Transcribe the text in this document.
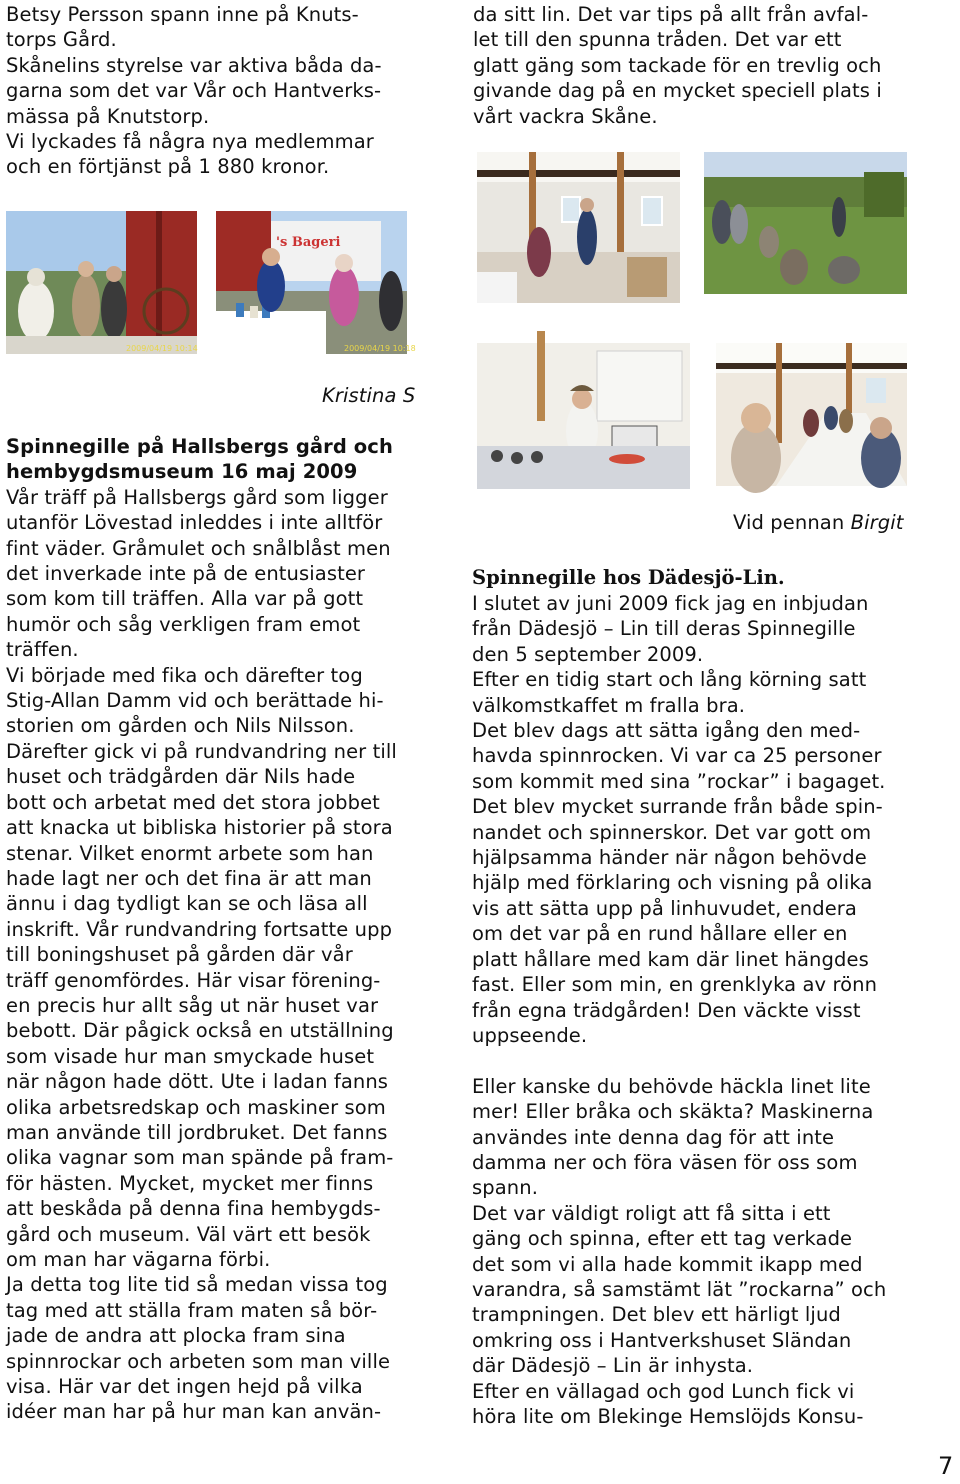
Betsy Persson spann inne på Knuts-

torps Gård.

Skånelins styrelse var aktiva båda da-

garna som det var Vår och Hantverks-

mässa på Knutstorp.

Vi lyckades få några nya medlemmar

och en förtjänst på 1 880 kronor.

da sitt lin. Det var tips på allt från avfal-

let till den spunna tråden. Det var ett

glatt gäng som tackade för en trevlig och

givande dag på en mycket speciell plats i

vårt vackra Skåne.

2009/04/19 10:14
's Bageri
2009/04/19 10:18
Kristina S
Vid pennan Birgit

Spinnegille på Hallsbergs gård och

hembygdsmuseum 16 maj 2009

Vår träff på Hallsbergs gård som ligger

utanför Lövestad inleddes i inte alltför

fint väder. Gråmulet och snålblåst men

det inverkade inte på de entusiaster

som kom till träffen. Alla var på gott

humör och såg verkligen fram emot

träffen.

Vi började med fika och därefter tog

Stig-Allan Damm vid och berättade hi-

storien om gården och Nils Nilsson.

Därefter gick vi på rundvandring ner till

huset och trädgården där Nils hade

bott och arbetat med det stora jobbet

att knacka ut bibliska historier på stora

stenar. Vilket enormt arbete som han

hade lagt ner och det fina är att man

ännu i dag tydligt kan se och läsa all

inskrift. Vår rundvandring fortsatte upp

till boningshuset på gården där vår

träff genomfördes. Här visar förening-

en precis hur allt såg ut när huset var

bebott. Där pågick också en utställning

som visade hur man smyckade huset

när någon hade dött. Ute i ladan fanns

olika arbetsredskap och maskiner som

man använde till jordbruket. Det fanns

olika vagnar som man spände på fram-

för hästen. Mycket, mycket mer finns

att beskåda på denna fina hembygds-

gård och museum. Väl värt ett besök

om man har vägarna förbi.

Ja detta tog lite tid så medan vissa tog

tag med att ställa fram maten så bör-

jade de andra att plocka fram sina

spinnrockar och arbeten som man ville

visa. Här var det ingen hejd på vilka

idéer man har på hur man kan använ-

Spinnegille hos Dädesjö-Lin.

I slutet av juni 2009 fick jag en inbjudan

från Dädesjö – Lin till deras Spinnegille

den 5 september 2009.

Efter en tidig start och lång körning satt

välkomstkaffet m fralla bra.

Det blev dags att sätta igång den med-

havda spinnrocken. Vi var ca 25 personer

som kommit med sina ”rockar” i bagaget.

Det blev mycket surrande från både spin-

nandet och spinnerskor. Det var gott om

hjälpsamma händer när någon behövde

hjälp med förklaring och visning på olika

vis att sätta upp på linhuvudet, endera

om det var på en rund hållare eller en

platt hållare med kam där linet hängdes

fast. Eller som min, en grenklyka av rönn

från egna trädgården! Den väckte visst

uppseende.

Eller kanske du behövde häckla linet lite

mer! Eller bråka och skäkta? Maskinerna

användes inte denna dag för att inte

damma ner och föra väsen för oss som

spann.

Det var väldigt roligt att få sitta i ett

gäng och spinna, efter ett tag verkade

det som vi alla hade kommit ikapp med

varandra, så samstämt lät ”rockarna” och

trampningen. Det blev ett härligt ljud

omkring oss i Hantverkshuset Sländan

där Dädesjö – Lin är inhysta.

Efter en vällagad och god Lunch fick vi

höra lite om Blekinge Hemslöjds Konsu-

7
